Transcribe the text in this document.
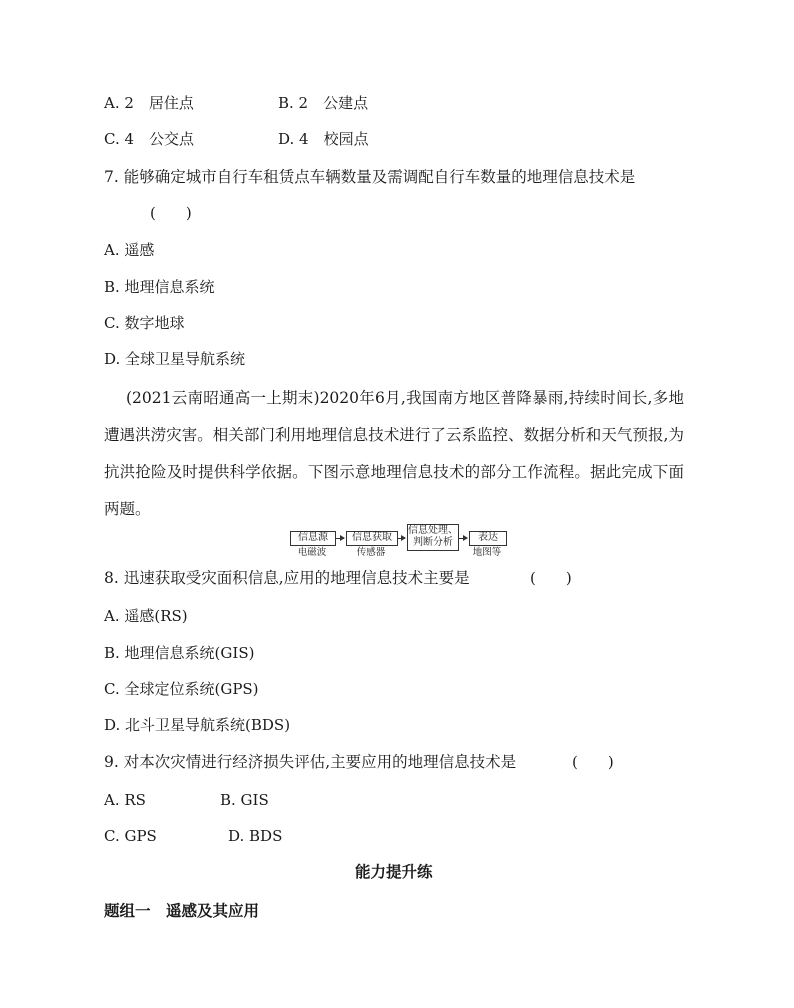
A. 2　居住点	B. 2　公建点
C. 4　公交点	D. 4　校园点
7. 能够确定城市自行车租赁点车辆数量及需调配自行车数量的地理信息技术是
(　　)
A. 遥感
B. 地理信息系统
C. 数字地球
D. 全球卫星导航系统
(2021云南昭通高一上期末)2020年6月,我国南方地区普降暴雨,持续时间长,多地遭遇洪涝灾害。相关部门利用地理信息技术进行了云系监控、数据分析和天气预报,为抗洪抢险及时提供科学依据。下图示意地理信息技术的部分工作流程。据此完成下面两题。
信息源	信息获取
信息处理、
判断分析	表达
电磁波	传感器	地图等
8. 迅速获取受灾面积信息,应用的地理信息技术主要是	(　　)
A. 遥感(RS)
B. 地理信息系统(GIS)
C. 全球定位系统(GPS)
D. 北斗卫星导航系统(BDS)
9. 对本次灾情进行经济损失评估,主要应用的地理信息技术是	(　　)
A. RS	B. GIS
C. GPS	D. BDS
能力提升练
题组一　遥感及其应用
